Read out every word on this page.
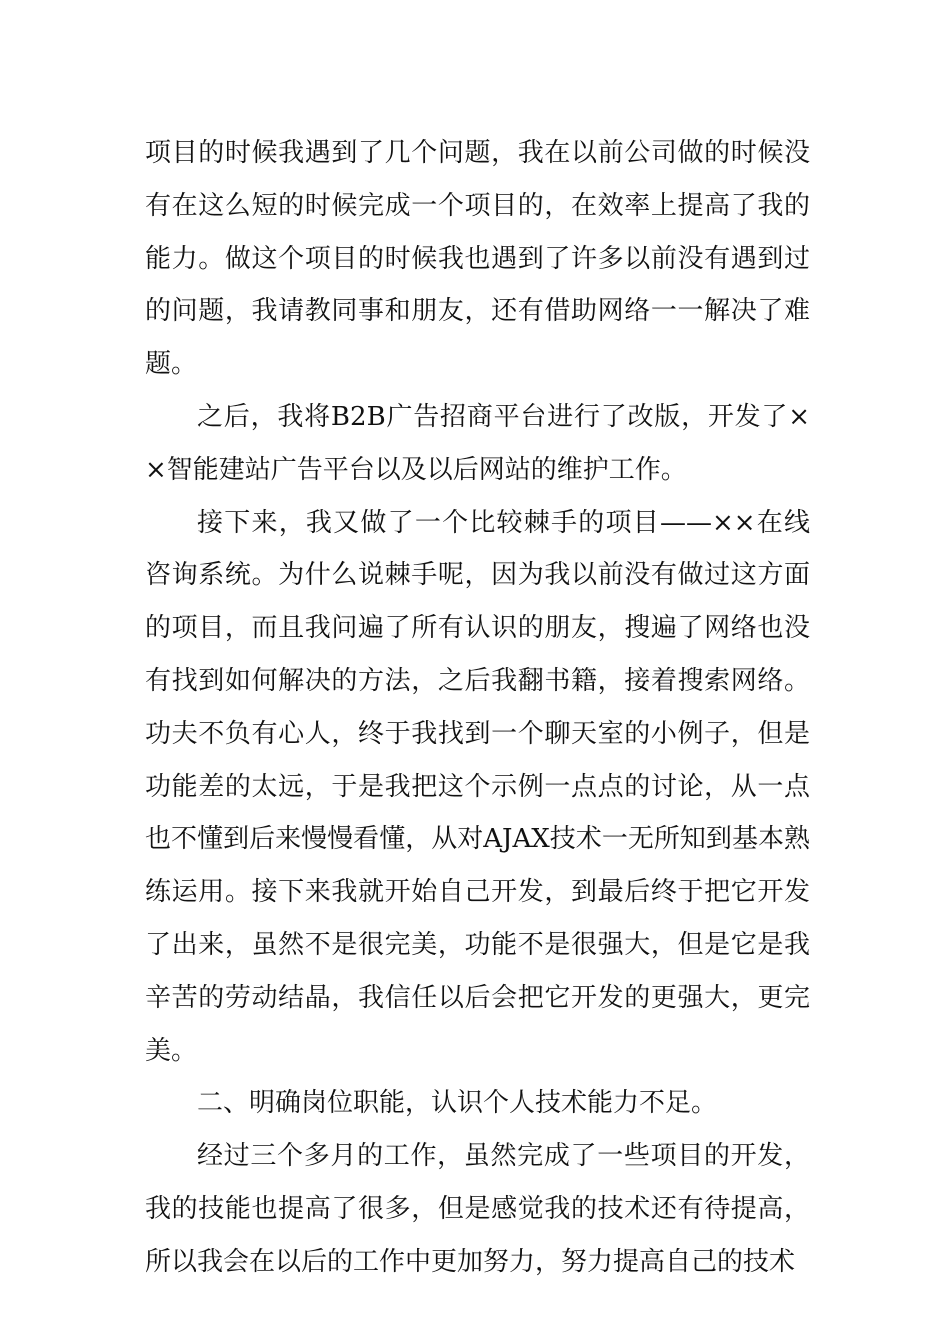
项目的时候我遇到了几个问题，我在以前公司做的时候没有在这么短的时候完成一个项目的，在效率上提高了我的能力。做这个项目的时候我也遇到了许多以前没有遇到过的问题，我请教同事和朋友，还有借助网络一一解决了难题。

之后，我将B2B广告招商平台进行了改版，开发了××智能建站广告平台以及以后网站的维护工作。

接下来，我又做了一个比较棘手的项目——××在线咨询系统。为什么说棘手呢，因为我以前没有做过这方面的项目，而且我问遍了所有认识的朋友，搜遍了网络也没有找到如何解决的方法，之后我翻书籍，接着搜索网络。功夫不负有心人，终于我找到一个聊天室的小例子，但是功能差的太远，于是我把这个示例一点点的讨论，从一点也不懂到后来慢慢看懂，从对AJAX技术一无所知到基本熟练运用。接下来我就开始自己开发，到最后终于把它开发了出来，虽然不是很完美，功能不是很强大，但是它是我辛苦的劳动结晶，我信任以后会把它开发的更强大，更完美。

二、明确岗位职能，认识个人技术能力不足。

经过三个多月的工作，虽然完成了一些项目的开发，我的技能也提高了很多，但是感觉我的技术还有待提高，所以我会在以后的工作中更加努力，努力提高自己的技术
